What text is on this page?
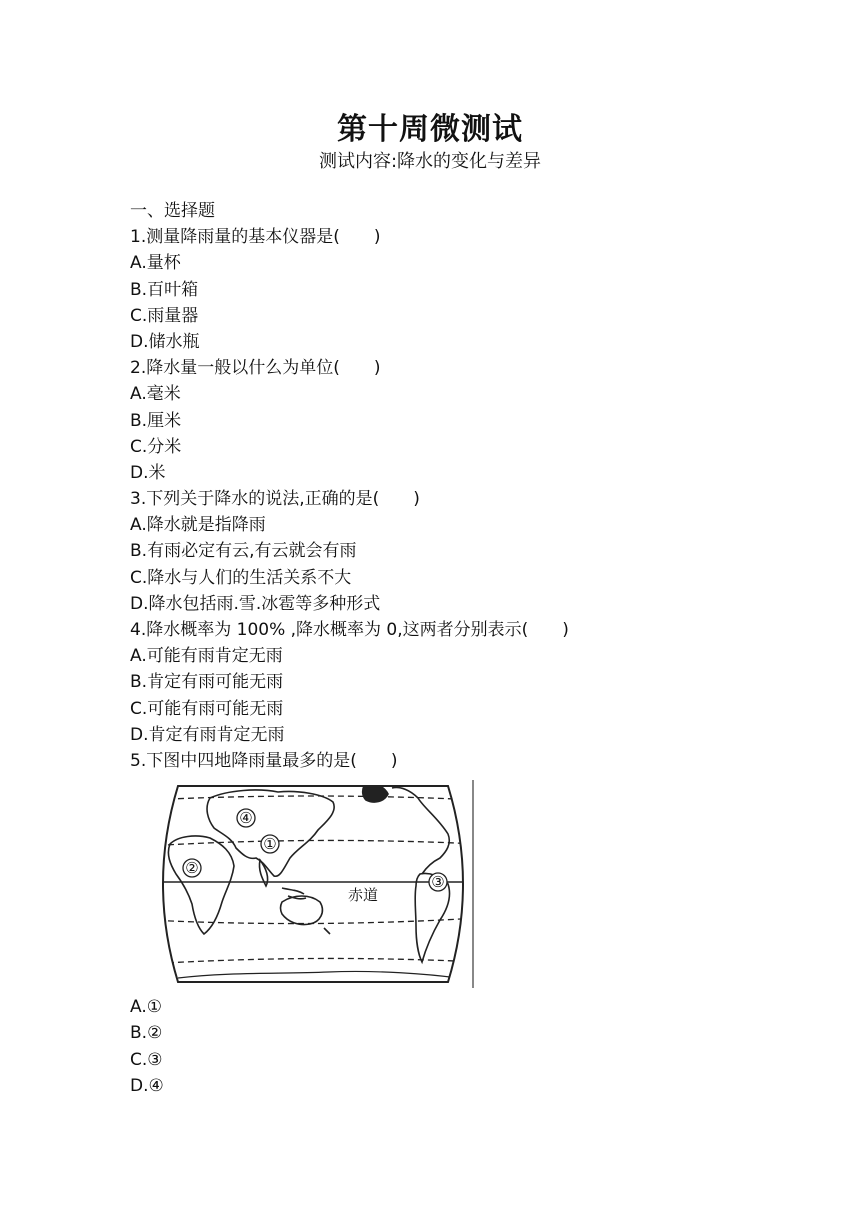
第十周微测试
测试内容:降水的变化与差异
一、选择题
1.测量降雨量的基本仪器是(　　)
A.量杯
B.百叶箱
C.雨量器
D.储水瓶
2.降水量一般以什么为单位(　　)
A.毫米
B.厘米
C.分米
D.米
3.下列关于降水的说法,正确的是(　　)
A.降水就是指降雨
B.有雨必定有云,有云就会有雨
C.降水与人们的生活关系不大
D.降水包括雨.雪.冰雹等多种形式
4.降水概率为 100% ,降水概率为 0,这两者分别表示(　　)
A.可能有雨肯定无雨
B.肯定有雨可能无雨
C.可能有雨可能无雨
D.肯定有雨肯定无雨
5.下图中四地降雨量最多的是(　　)
④
①
②
③
赤道
A.①
B.②
C.③
D.④
